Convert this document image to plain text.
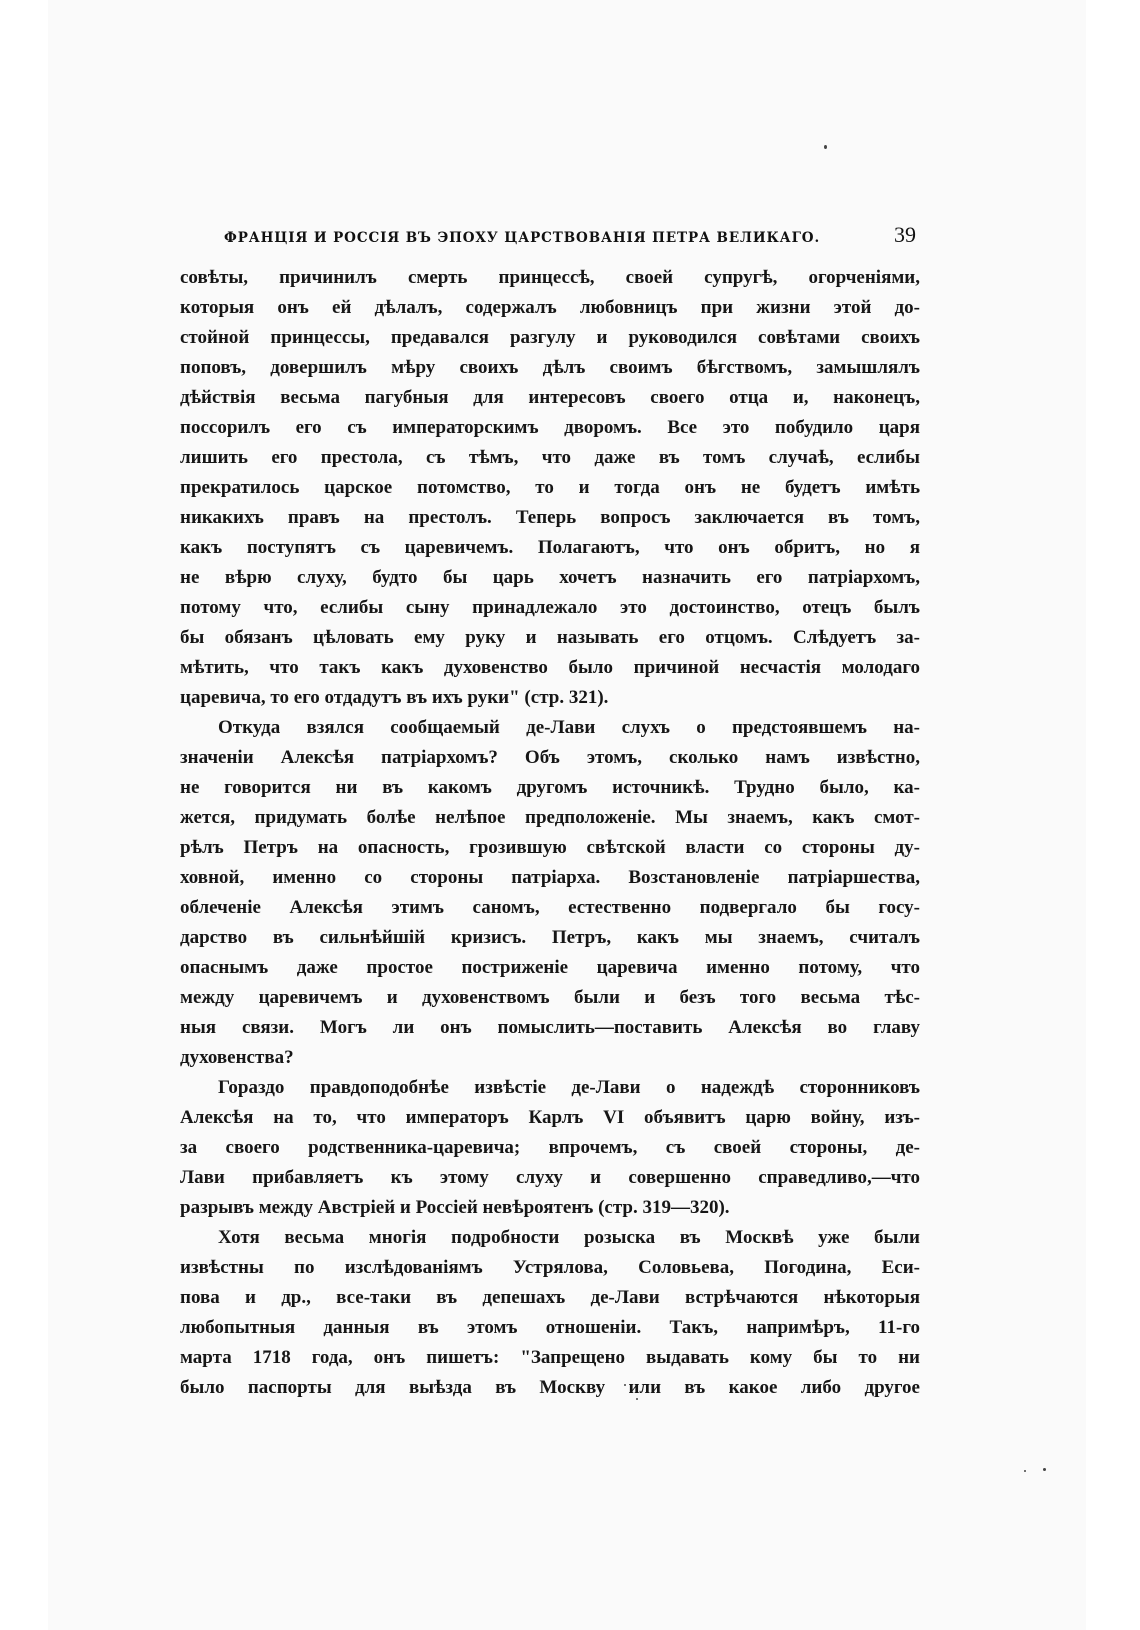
ФРАНЦІЯ И РОССІЯ ВЪ ЭПОХУ ЦАРСТВОВАНІЯ ПЕТРА ВЕЛИКАГО.	39
совѣты, причинилъ смерть принцессѣ, своей супругѣ, огорченіями,
которыя онъ ей дѣлалъ, содержалъ любовницъ при жизни этой до-
стойной принцессы, предавался разгулу и руководился совѣтами своихъ
поповъ, довершилъ мѣру своихъ дѣлъ своимъ бѣгствомъ, замышлялъ
дѣйствія весьма пагубныя для интересовъ своего отца и, наконецъ,
поссорилъ его съ императорскимъ дворомъ. Все это побудило царя
лишить его престола, съ тѣмъ, что даже въ томъ случаѣ, еслибы
прекратилось царское потомство, то и тогда онъ не будетъ имѣть
никакихъ правъ на престолъ. Теперь вопросъ заключается въ томъ,
какъ поступятъ съ царевичемъ. Полагаютъ, что онъ обритъ, но я
не вѣрю слуху, будто бы царь хочетъ назначить его патріархомъ,
потому что, еслибы сыну принадлежало это достоинство, отецъ былъ
бы обязанъ цѣловать ему руку и называть его отцомъ. Слѣдуетъ за-
мѣтить, что такъ какъ духовенство было причиной несчастія молодаго
царевича, то его отдадутъ въ ихъ руки" (стр. 321).
Откуда взялся сообщаемый де-Лави слухъ о предстоявшемъ на-
значеніи Алексѣя патріархомъ? Объ этомъ, сколько намъ извѣстно,
не говорится ни въ какомъ другомъ источникѣ. Трудно было, ка-
жется, придумать болѣе нелѣпое предположеніе. Мы знаемъ, какъ смот-
рѣлъ Петръ на опасность, грозившую свѣтской власти со стороны ду-
ховной, именно со стороны патріарха. Возстановленіе патріаршества,
облеченіе Алексѣя этимъ саномъ, естественно подвергало бы госу-
дарство въ сильнѣйшій кризисъ. Петръ, какъ мы знаемъ, считалъ
опаснымъ даже простое постриженіе царевича именно потому, что
между царевичемъ и духовенствомъ были и безъ того весьма тѣс-
ныя связи. Могъ ли онъ помыслить—поставить Алексѣя во главу
духовенства?
Гораздо правдоподобнѣе извѣстіе де-Лави о надеждѣ сторонниковъ
Алексѣя на то, что императоръ Карлъ VI объявитъ царю войну, изъ-
за своего родственника-царевича; впрочемъ, съ своей стороны, де-
Лави прибавляетъ къ этому слуху и совершенно справедливо,—что
разрывъ между Австріей и Россіей невѣроятенъ (стр. 319—320).
Хотя весьма многія подробности розыска въ Москвѣ уже были
извѣстны по изслѣдованіямъ Устрялова, Соловьева, Погодина, Еси-
пова и др., все-таки въ депешахъ де-Лави встрѣчаются нѣкоторыя
любопытныя данныя въ этомъ отношеніи. Такъ, напримѣръ, 11-го
марта 1718 года, онъ пишетъ: "Запрещено выдавать кому бы то ни
было паспорты для выѣзда въ Москву или въ какое либо другое
